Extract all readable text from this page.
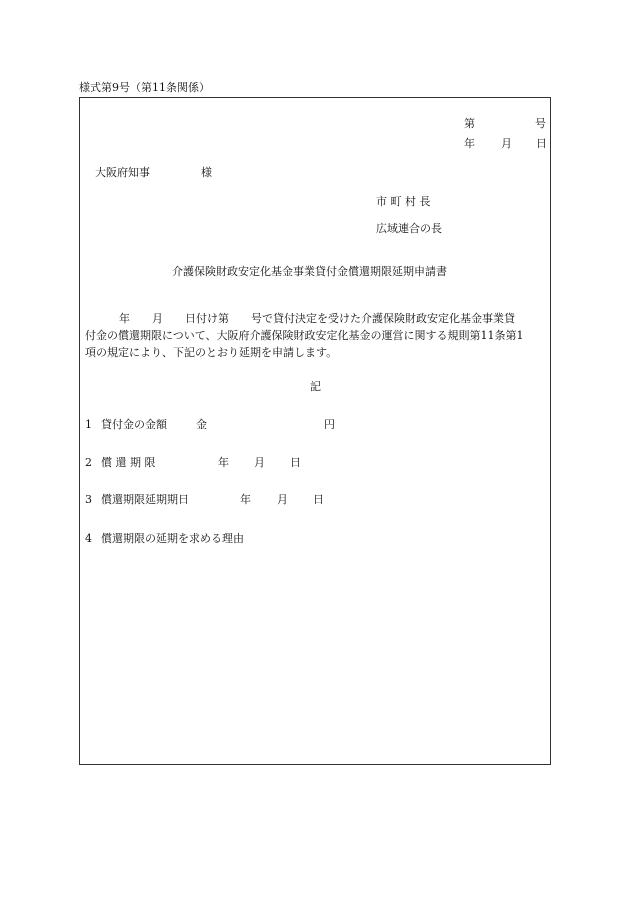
様式第9号（第11条関係）
第	号
年 月 日
大阪府知事	様
市 町 村 長
広域連合の長
介護保険財政安定化基金事業貸付金償還期限延期申請書
年　　月　　日付け第　　号で貸付決定を受けた介護保険財政安定化基金事業貸
付金の償還期限について、大阪府介護保険財政安定化基金の運営に関する規則第11条第1
項の規定により、下記のとおり延期を申請します。
記
1 貸付金の金額	金	円
2 償 還 期 限	年 月 日
3 償還期限延期期日	年 月 日
4 償還期限の延期を求める理由
